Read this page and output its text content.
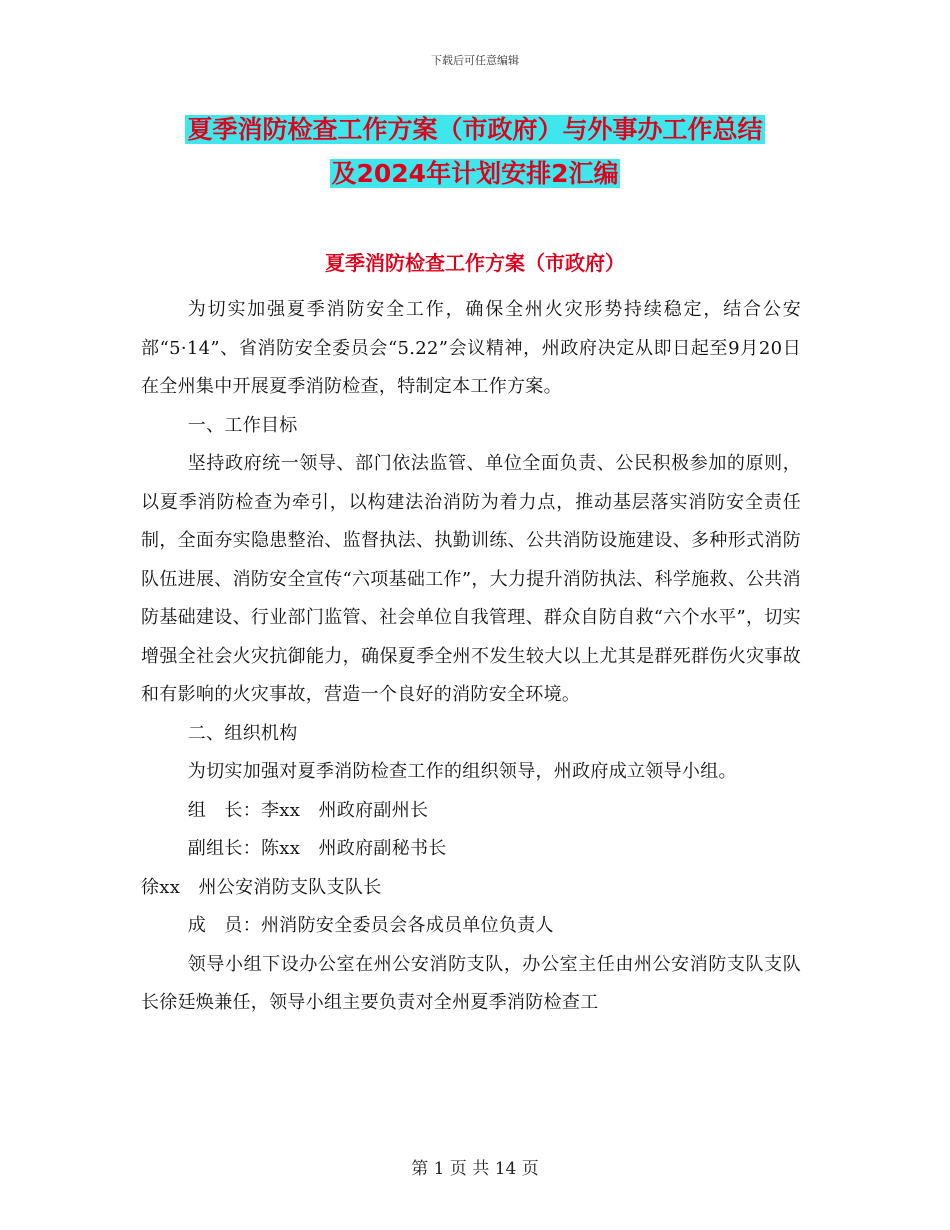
下载后可任意编辑
夏季消防检查工作方案（市政府）与外事办工作总结
及2024年计划安排2汇编
夏季消防检查工作方案（市政府）

为切实加强夏季消防安全工作，确保全州火灾形势持续稳定，结合公安部“5·14”、省消防安全委员会“5.22”会议精神，州政府决定从即日起至9月20日在全州集中开展夏季消防检查，特制定本工作方案。

一、工作目标

坚持政府统一领导、部门依法监管、单位全面负责、公民积极参加的原则，以夏季消防检查为牵引，以构建法治消防为着力点，推动基层落实消防安全责任制，全面夯实隐患整治、监督执法、执勤训练、公共消防设施建设、多种形式消防队伍进展、消防安全宣传“六项基础工作”，大力提升消防执法、科学施救、公共消防基础建设、行业部门监管、社会单位自我管理、群众自防自救“六个水平”，切实增强全社会火灾抗御能力，确保夏季全州不发生较大以上尤其是群死群伤火灾事故和有影响的火灾事故，营造一个良好的消防安全环境。

二、组织机构

为切实加强对夏季消防检查工作的组织领导，州政府成立领导小组。

组　长：李xx　州政府副州长

副组长：陈xx　州政府副秘书长

徐xx　州公安消防支队支队长

成　员：州消防安全委员会各成员单位负责人

领导小组下设办公室在州公安消防支队，办公室主任由州公安消防支队支队长徐廷焕兼任，领导小组主要负责对全州夏季消防检查工

第 1 页 共 14 页
